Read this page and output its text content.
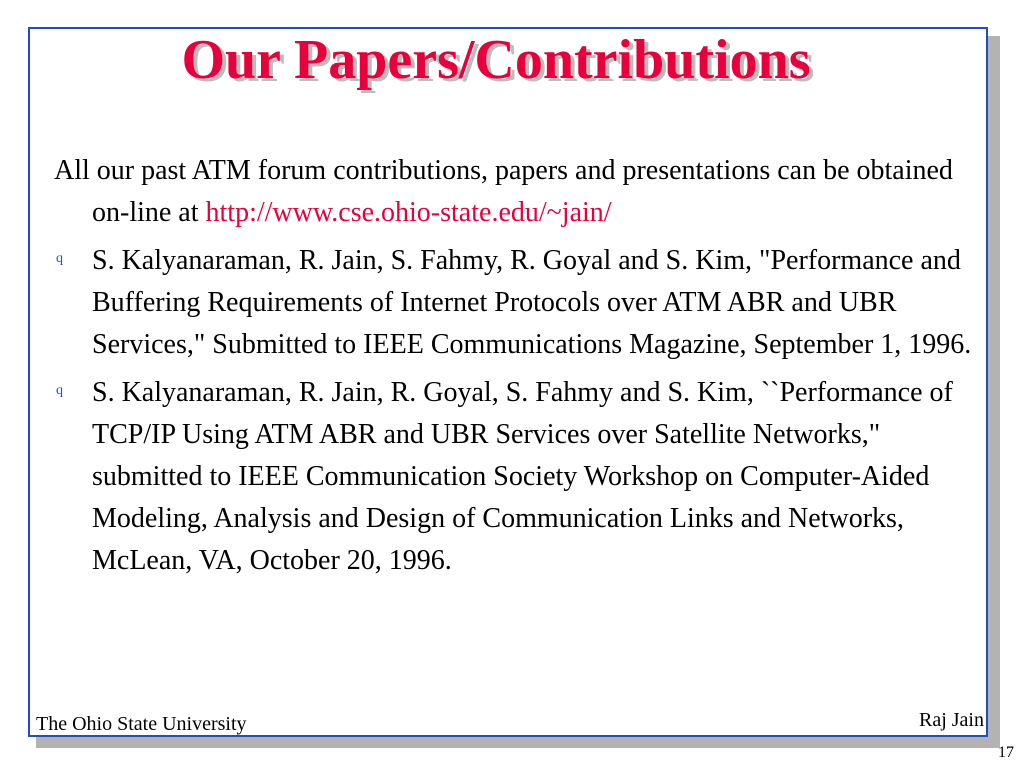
Our Papers/Contributions

All our past ATM forum contributions, papers and presentations can be obtained on-line at http://www.cse.ohio-state.edu/~jain/

q S. Kalyanaraman, R. Jain, S. Fahmy, R. Goyal and S. Kim, "Performance and Buffering Requirements of Internet Protocols over ATM ABR and UBR Services," Submitted to IEEE Communications Magazine, September 1, 1996.
q S. Kalyanaraman, R. Jain, R. Goyal, S. Fahmy and S. Kim, ``Performance of TCP/IP Using ATM ABR and UBR Services over Satellite Networks," submitted to IEEE Communication Society Workshop on Computer-Aided Modeling, Analysis and Design of Communication Links and Networks, McLean, VA, October 20, 1996.
The Ohio State University	Raj Jain
17
